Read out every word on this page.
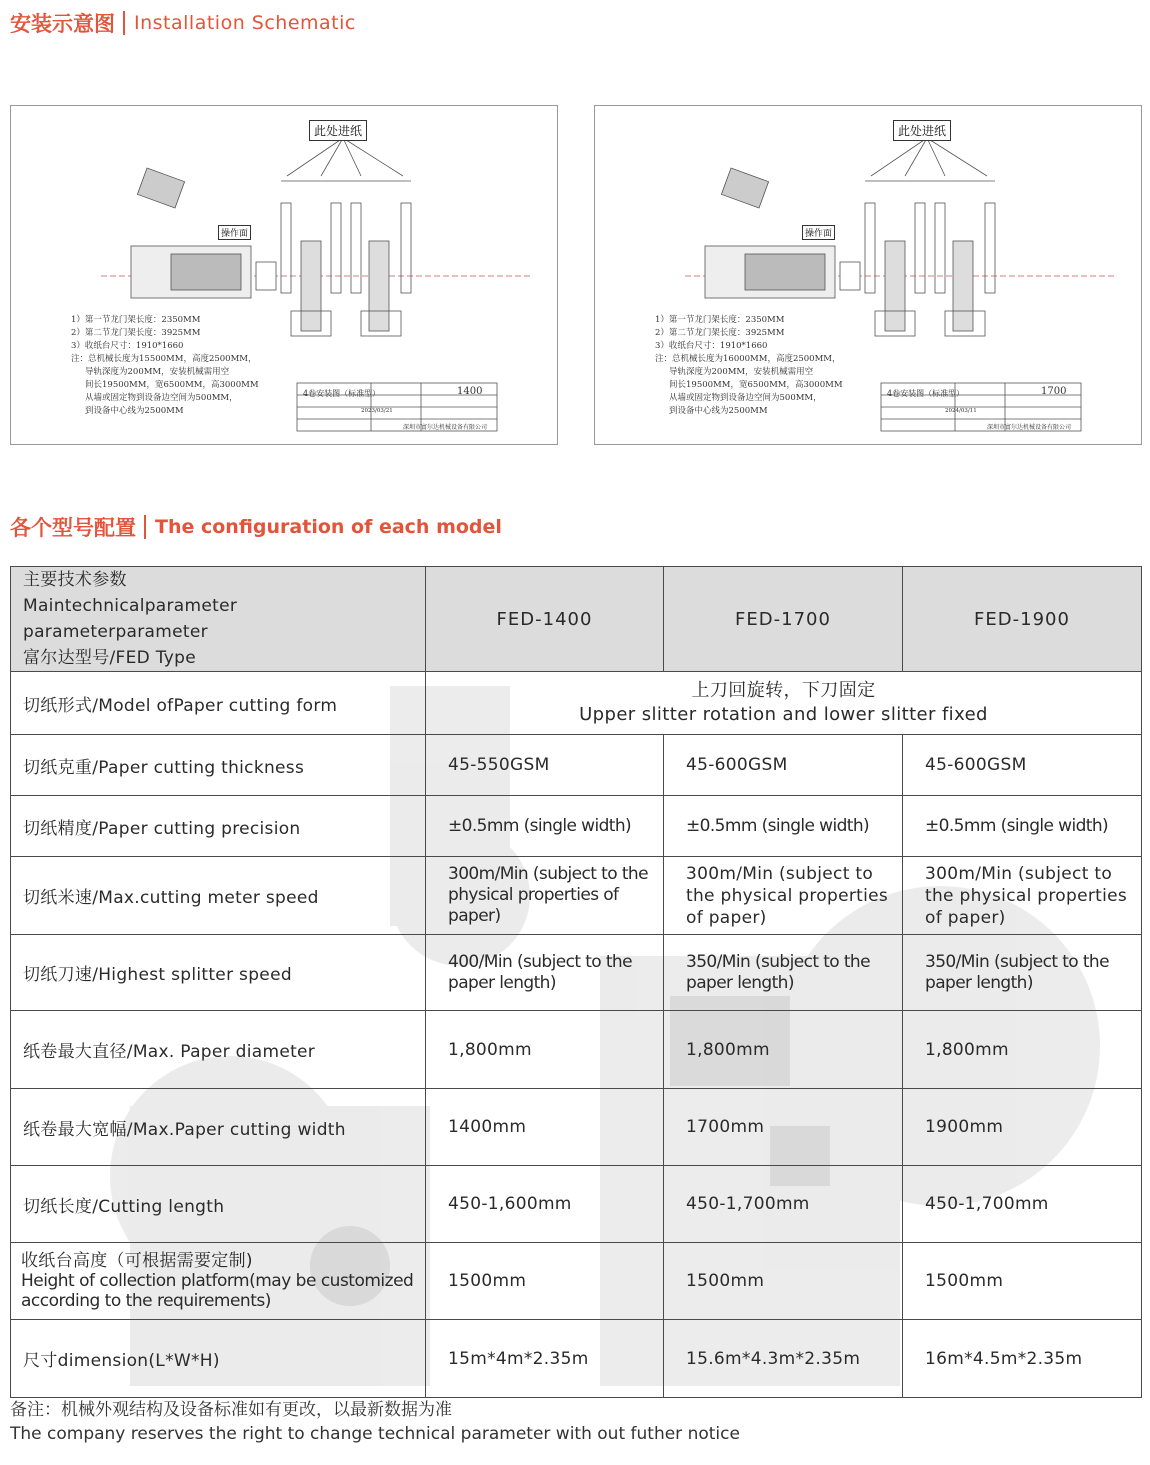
安装示意图 Installation Schematic
此处进纸
操作面
1）第一节龙门架长度：2350MM
2）第二节龙门架长度：3925MM
3）收纸台尺寸：1910*1660
注：总机械长度为15500MM，高度2500MM，
导轨深度为200MM，安装机械需用空
间长19500MM，宽6500MM，高3000MM
从墙或固定物到设备边空间为500MM，
到设备中心线为2500MM
4卷安装图（标准型）	1400
2023/03/21
深圳市富尔达机械设备有限公司
此处进纸
操作面
1）第一节龙门架长度：2350MM
2）第二节龙门架长度：3925MM
3）收纸台尺寸：1910*1660
注：总机械长度为16000MM，高度2500MM，
导轨深度为200MM，安装机械需用空
间长19500MM，宽6500MM，高3000MM
从墙或固定物到设备边空间为500MM，
到设备中心线为2500MM
4卷安装图（标准型）	1700
2024/03/11
深圳市富尔达机械设备有限公司
各个型号配置 The configuration of each model
主要技术参数
Maintechnicalparameter parameterparameter
富尔达型号/FED Type	FED-1400	FED-1700	FED-1900
切纸形式/Model ofPaper cutting form	上刀回旋转，下刀固定
Upper slitter rotation and lower slitter fixed		

切纸克重/Paper cutting thickness	45-550GSM	45-600GSM	45-600GSM
切纸精度/Paper cutting precision	±0.5mm (single width)	±0.5mm (single width)	±0.5mm (single width)
切纸米速/Max.cutting meter speed	300m/Min (subject to the physical properties of paper)	300m/Min (subject to the physical properties of paper)	300m/Min (subject to the physical properties of paper)
切纸刀速/Highest splitter speed	400/Min (subject to the paper length)	350/Min (subject to the paper length)	350/Min (subject to the paper length)
纸卷最大直径/Max. Paper diameter	1,800mm	1,800mm	1,800mm
纸卷最大宽幅/Max.Paper cutting width	1400mm	1700mm	1900mm
切纸长度/Cutting length	450-1,600mm	450-1,700mm	450-1,700mm

收纸台高度（可根据需要定制)
Height of collection platform(may be customized according to the requirements)	1500mm	1500mm	1500mm
尺寸dimension(L*W*H)	15m*4m*2.35m	15.6m*4.3m*2.35m	16m*4.5m*2.35m
备注：机械外观结构及设备标准如有更改，以最新数据为准
The company reserves the right to change technical parameter with out futher notice
